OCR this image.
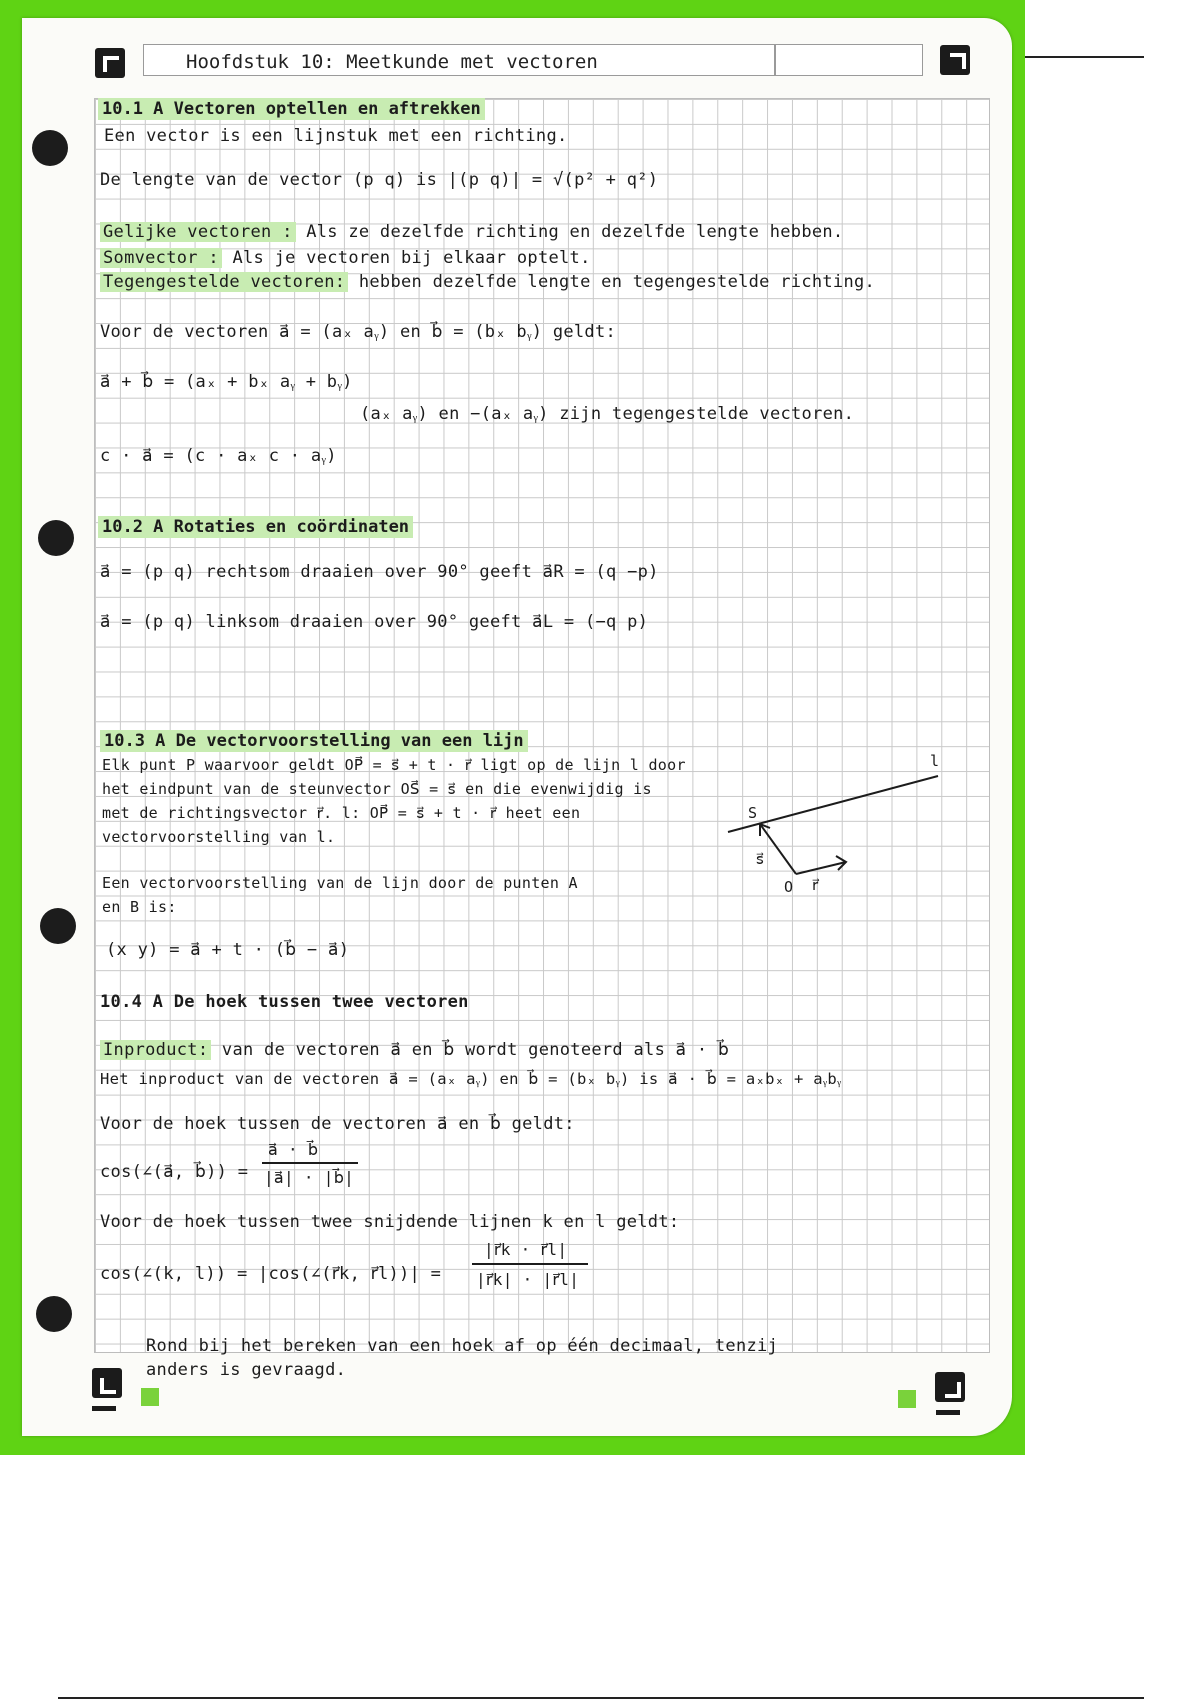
Hoofdstuk 10: Meetkunde met vectoren
10.1 A Vectoren optellen en aftrekken
Een vector is een lijnstuk met een richting.
De lengte van de vector (p q) is |(p q)| = √(p² + q²)
Gelijke vectoren : Als ze dezelfde richting en dezelfde lengte hebben.
Somvector : Als je vectoren bij elkaar optelt.
Tegengestelde vectoren: hebben dezelfde lengte en tegengestelde richting.
Voor de vectoren a⃗ = (aₓ aᵧ) en b⃗ = (bₓ bᵧ) geldt:
a⃗ + b⃗ = (aₓ + bₓ aᵧ + bᵧ)
(aₓ aᵧ) en −(aₓ aᵧ) zijn tegengestelde vectoren.
c · a⃗ = (c · aₓ c · aᵧ)
10.2 A Rotaties en coördinaten
a⃗ = (p q) rechtsom draaien over 90° geeft a⃗R = (q −p)
a⃗ = (p q) linksom draaien over 90° geeft a⃗L = (−q p)
10.3 A De vectorvoorstelling van een lijn
Elk punt P waarvoor geldt OP⃗ = s⃗ + t · r⃗ ligt op de lijn l door
het eindpunt van de steunvector OS⃗ = s⃗ en die evenwijdig is
met de richtingsvector r⃗. l: OP⃗ = s⃗ + t · r⃗ heet een
vectorvoorstelling van l.
Een vectorvoorstelling van de lijn door de punten A
en B is:
(x y) = a⃗ + t · (b⃗ − a⃗)
l
S
s⃗
O r⃗
10.4 A De hoek tussen twee vectoren
Inproduct: van de vectoren a⃗ en b⃗ wordt genoteerd als a⃗ · b⃗
Het inproduct van de vectoren a⃗ = (aₓ aᵧ) en b⃗ = (bₓ bᵧ) is a⃗ · b⃗ = aₓbₓ + aᵧbᵧ
Voor de hoek tussen de vectoren a⃗ en b⃗ geldt:
cos(∠(a⃗, b⃗)) =
a⃗ · b⃗
|a⃗| · |b⃗|
Voor de hoek tussen twee snijdende lijnen k en l geldt:
cos(∠(k, l)) = |cos(∠(r⃗k, r⃗l))| =
|r⃗k · r⃗l|
|r⃗k| · |r⃗l|
Rond bij het bereken van een hoek af op één decimaal, tenzij
anders is gevraagd.
